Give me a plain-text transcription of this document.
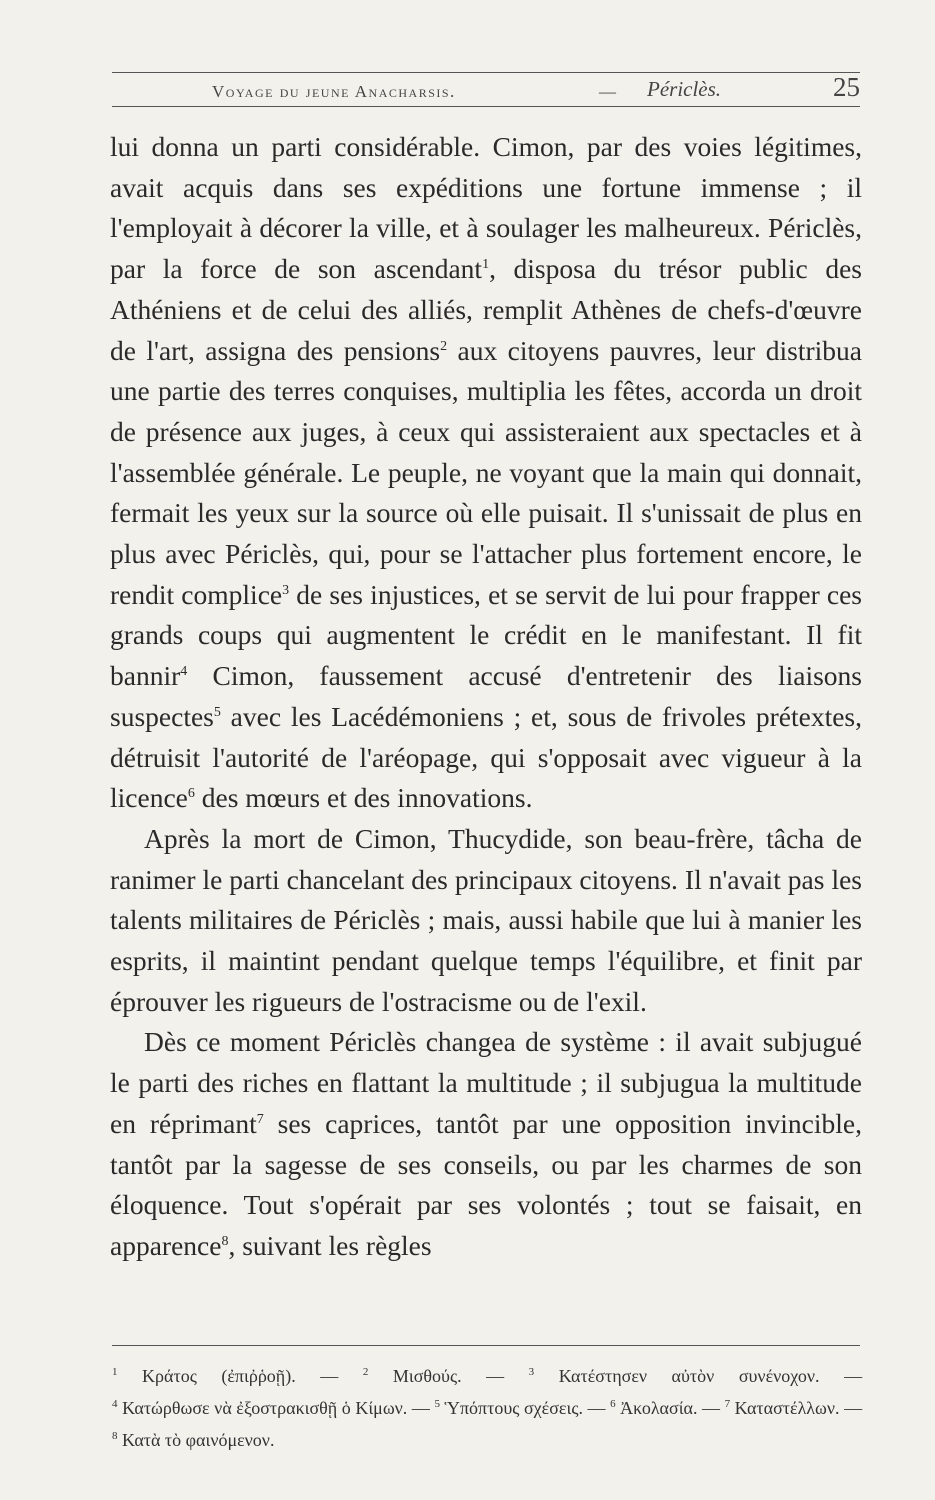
Voyage du jeune Anacharsis.	— Périclès.	25

lui donna un parti considérable. Cimon, par des voies légitimes, avait acquis dans ses expéditions une fortune immense ; il l'employait à décorer la ville, et à soulager les malheureux. Périclès, par la force de son ascendant$^1$, disposa du trésor public des Athéniens et de celui des alliés, remplit Athènes de chefs-d'œuvre de l'art, assigna des pensions$^2$ aux citoyens pauvres, leur distribua une partie des terres conquises, multiplia les fêtes, accorda un droit de présence aux juges, à ceux qui assisteraient aux spectacles et à l'assemblée générale. Le peuple, ne voyant que la main qui donnait, fermait les yeux sur la source où elle puisait. Il s'unissait de plus en plus avec Périclès, qui, pour se l'attacher plus fortement encore, le rendit complice$^3$ de ses injustices, et se servit de lui pour frapper ces grands coups qui augmentent le crédit en le manifestant. Il fit bannir$^4$ Cimon, faussement accusé d'entretenir des liaisons suspectes$^5$ avec les Lacédémoniens ; et, sous de frivoles prétextes, détruisit l'autorité de l'aréopage, qui s'opposait avec vigueur à la licence$^6$ des mœurs et des innovations.

Après la mort de Cimon, Thucydide, son beau-frère, tâcha de ranimer le parti chancelant des principaux citoyens. Il n'avait pas les talents militaires de Périclès ; mais, aussi habile que lui à manier les esprits, il maintint pendant quelque temps l'équilibre, et finit par éprouver les rigueurs de l'ostracisme ou de l'exil.

Dès ce moment Périclès changea de système : il avait subjugué le parti des riches en flattant la multitude ; il subjugua la multitude en réprimant$^7$ ses caprices, tantôt par une opposition invincible, tantôt par la sagesse de ses conseils, ou par les charmes de son éloquence. Tout s'opérait par ses volontés ; tout se faisait, en apparence$^8$, suivant les règles

$^1$ Κράτος (ἐπιῤῥοῇ). — $^2$ Μισθούς. — $^3$ Κατέστησεν αὐτὸν συνένοχον. — $^4$ Κατώρθωσε νὰ ἐξοστρακισθῇ ὁ Κίμων. — $^5$ Ὑπόπτους σχέσεις. — $^6$ Ἀκολασία. — $^7$ Καταστέλλων. — $^8$ Κατὰ τὸ φαινόμενον.
